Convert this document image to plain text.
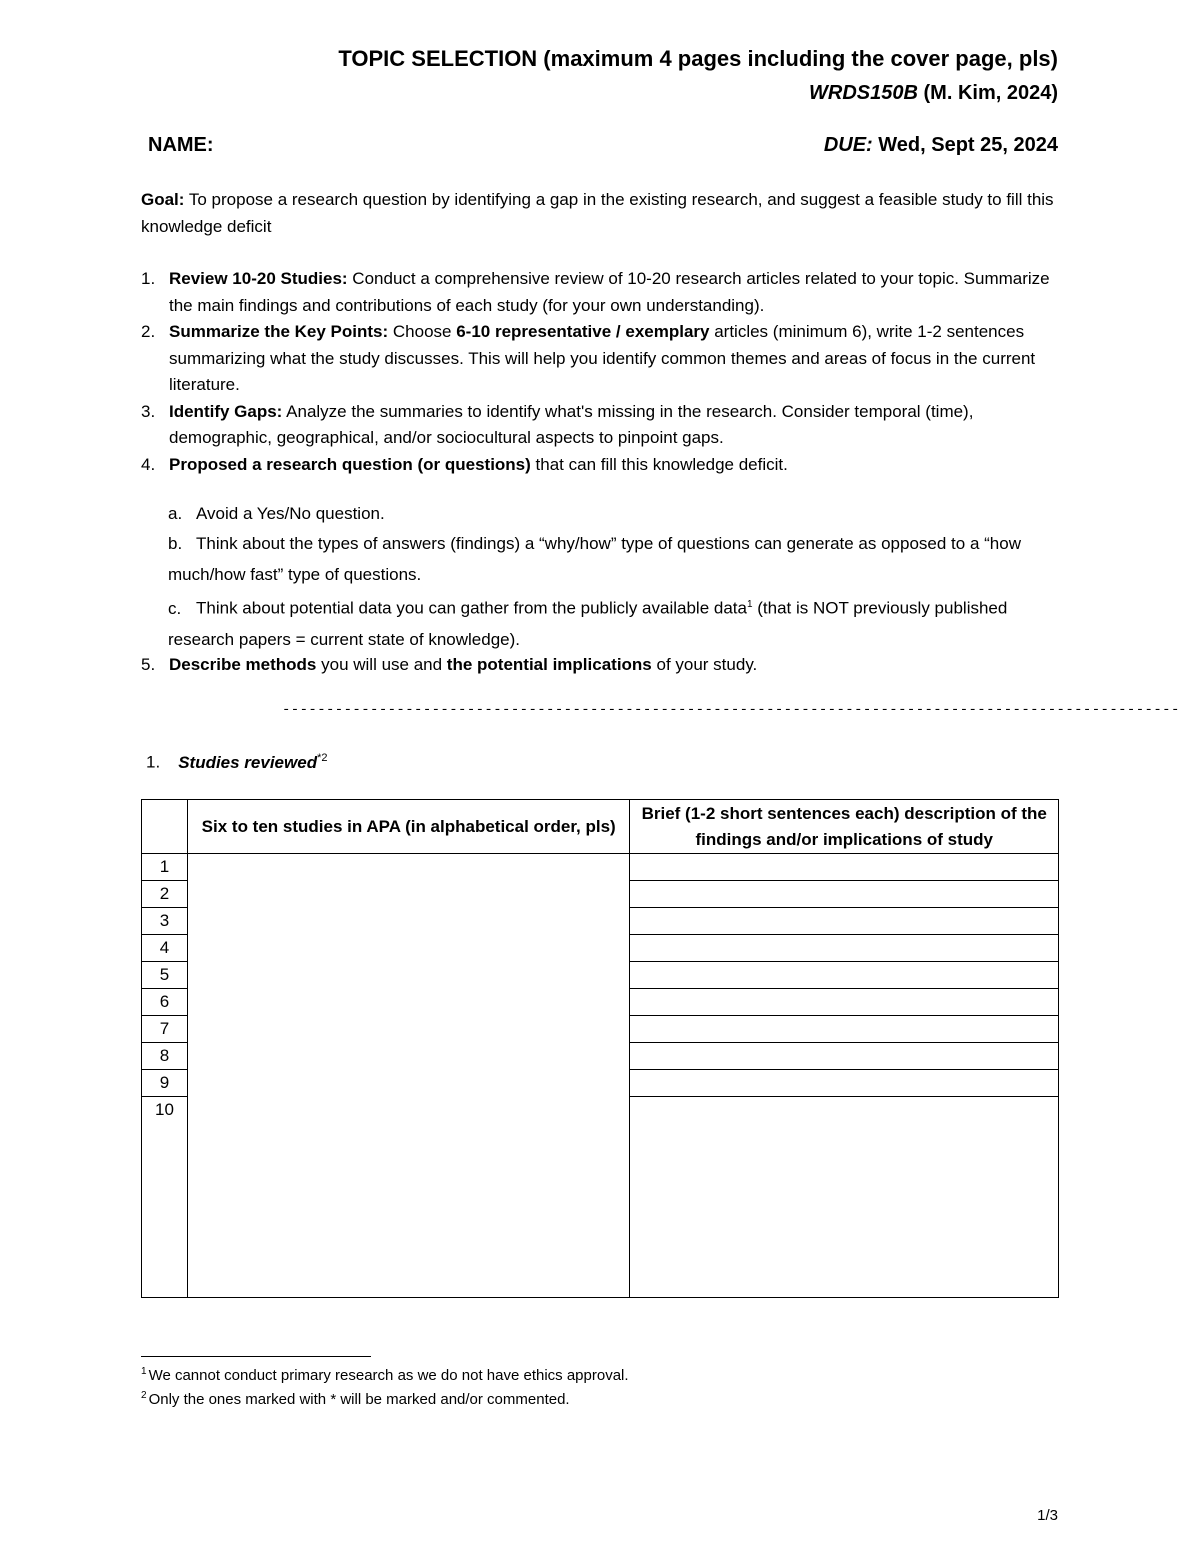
TOPIC SELECTION (maximum 4 pages including the cover page, pls)
WRDS150B (M. Kim, 2024)
NAME:	DUE: Wed, Sept 25, 2024
Goal: To propose a research question by identifying a gap in the existing research, and suggest a feasible study to fill this knowledge deficit
1. Review 10-20 Studies: Conduct a comprehensive review of 10-20 research articles related to your topic. Summarize the main findings and contributions of each study (for your own understanding).
2. Summarize the Key Points: Choose 6-10 representative / exemplary articles (minimum 6), write 1-2 sentences summarizing what the study discusses. This will help you identify common themes and areas of focus in the current literature.
3. Identify Gaps: Analyze the summaries to identify what's missing in the research. Consider temporal (time), demographic, geographical, and/or sociocultural aspects to pinpoint gaps.
4. Proposed a research question (or questions) that can fill this knowledge deficit.
a. Avoid a Yes/No question.
b. Think about the types of answers (findings) a “why/how” type of questions can generate as opposed to a “how much/how fast” type of questions.
c. Think about potential data you can gather from the publicly available data$^1$ (that is NOT previously published research papers = current state of knowledge).
5. Describe methods you will use and the potential implications of your study.
------------------------------------------------------------------------------------------------------
1. Studies reviewed$^{*2}$
	Six to ten studies in APA (in alphabetical order, pls)	Brief (1-2 short sentences each) description of the findings and/or implications of study
1		
2		
3		
4		
5		
6		
7		
8		
9		
10		
$^1$ We cannot conduct primary research as we do not have ethics approval.
$^2$ Only the ones marked with * will be marked and/or commented.
1/3
